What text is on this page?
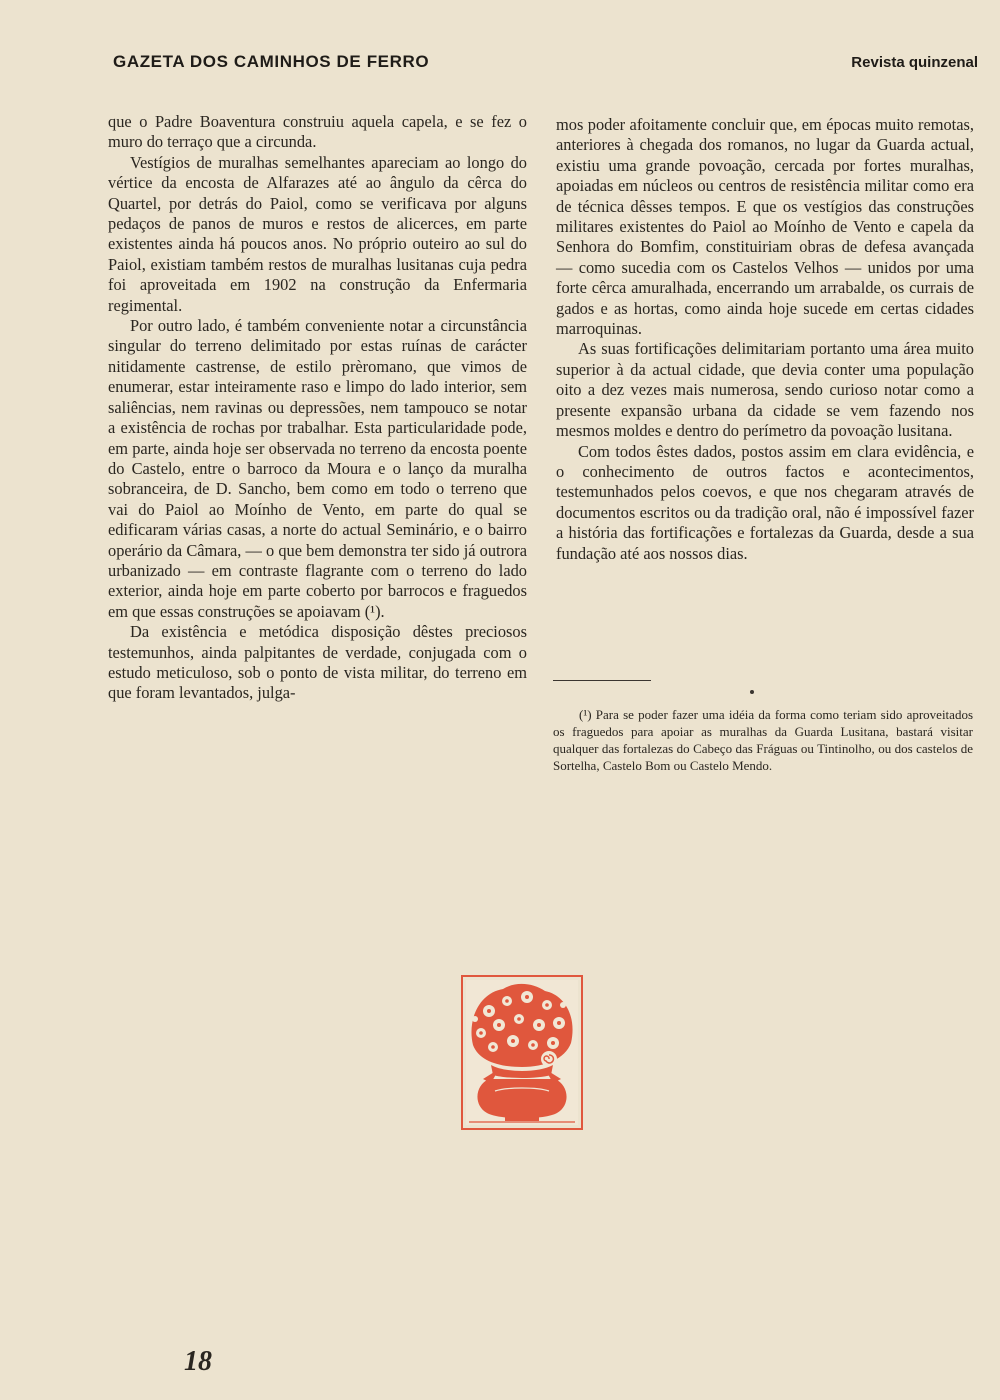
GAZETA DOS CAMINHOS DE FERRO	Revista quinzenal

que o Padre Boaventura construiu aquela capela, e se fez o muro do terraço que a circunda.

Vestígios de muralhas semelhantes apareciam ao longo do vértice da encosta de Alfarazes até ao ângulo da cêrca do Quartel, por detrás do Paiol, como se verificava por alguns pedaços de panos de muros e restos de alicerces, em parte existentes ainda há poucos anos. No próprio outeiro ao sul do Paiol, existiam também restos de muralhas lusitanas cuja pedra foi aproveitada em 1902 na construção da Enfermaria regimental.

Por outro lado, é também conveniente notar a circunstância singular do terreno delimitado por estas ruínas de carácter nitidamente castrense, de estilo prèromano, que vimos de enumerar, estar inteiramente raso e limpo do lado interior, sem saliências, nem ravinas ou depressões, nem tampouco se notar a existência de rochas por trabalhar. Esta particularidade pode, em parte, ainda hoje ser observada no terreno da encosta poente do Castelo, entre o barroco da Moura e o lanço da muralha sobranceira, de D. Sancho, bem como em todo o terreno que vai do Paiol ao Moínho de Vento, em parte do qual se edificaram várias casas, a norte do actual Seminário, e o bairro operário da Câmara, — o que bem demonstra ter sido já outrora urbanizado — em contraste flagrante com o terreno do lado exterior, ainda hoje em parte coberto por barrocos e fraguedos em que essas construções se apoiavam (¹).

Da existência e metódica disposição dêstes preciosos testemunhos, ainda palpitantes de verdade, conjugada com o estudo meticuloso, sob o ponto de vista militar, do terreno em que foram levantados, julga-

mos poder afoitamente concluir que, em épocas muito remotas, anteriores à chegada dos romanos, no lugar da Guarda actual, existiu uma grande povoação, cercada por fortes muralhas, apoiadas em núcleos ou centros de resistência militar como era de técnica dêsses tempos. E que os vestígios das construções militares existentes do Paiol ao Moínho de Vento e capela da Senhora do Bomfim, constituiriam obras de defesa avançada — como sucedia com os Castelos Velhos — unidos por uma forte cêrca amuralhada, encerrando um arrabalde, os currais de gados e as hortas, como ainda hoje sucede em certas cidades marroquinas.

As suas fortificações delimitariam portanto uma área muito superior à da actual cidade, que devia conter uma população oito a dez vezes mais numerosa, sendo curioso notar como a presente expansão urbana da cidade se vem fazendo nos mesmos moldes e dentro do perímetro da povoação lusitana.

Com todos êstes dados, postos assim em clara evidência, e o conhecimento de outros factos e acontecimentos, testemunhados pelos coevos, e que nos chegaram através de documentos escritos ou da tradição oral, não é impossível fazer a história das fortificações e fortalezas da Guarda, desde a sua fundação até aos nossos dias.

(¹) Para se poder fazer uma idéia da forma como teriam sido aproveitados os fraguedos para apoiar as muralhas da Guarda Lusitana, bastará visitar qualquer das fortalezas do Cabeço das Fráguas ou Tintinolho, ou dos castelos de Sortelha, Castelo Bom ou Castelo Mendo.

18
